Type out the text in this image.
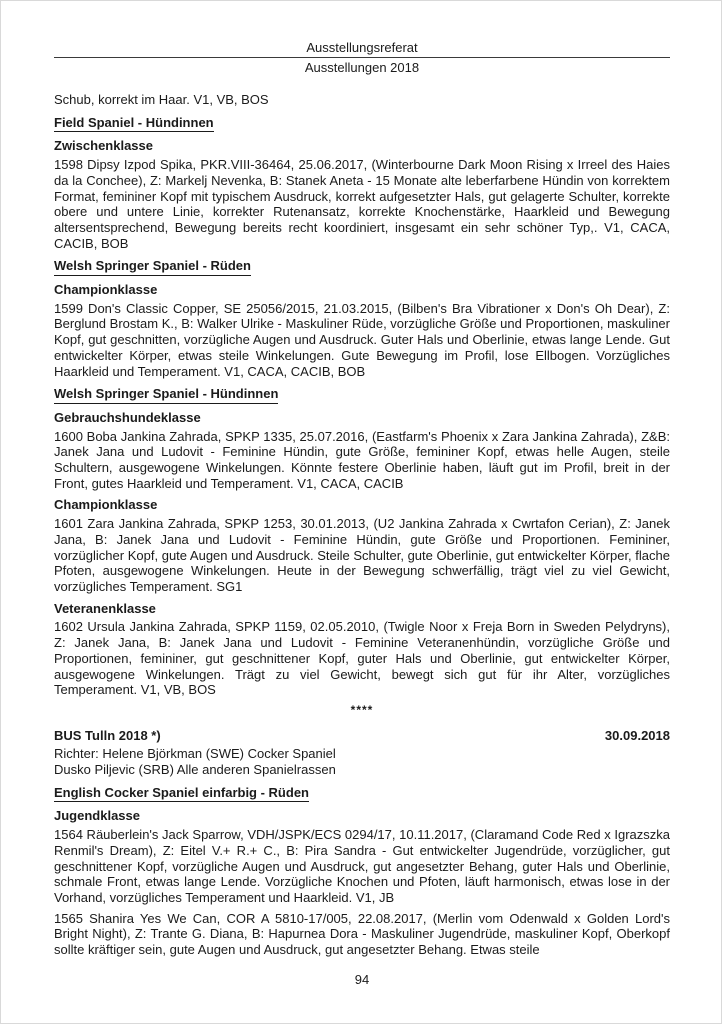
Ausstellungsreferat
Ausstellungen 2018

Schub, korrekt im Haar. V1, VB, BOS

Field Spaniel - Hündinnen
Zwischenklasse

1598 Dipsy Izpod Spika, PKR.VIII-36464, 25.06.2017, (Winterbourne Dark Moon Rising x Irreel des Haies da la Conchee), Z: Markelj Nevenka, B: Stanek Aneta - 15 Monate alte leberfarbene Hündin von korrektem Format, femininer Kopf mit typischem Ausdruck, korrekt aufgesetzter Hals, gut gelagerte Schulter, korrekte obere und untere Linie, korrekter Rutenansatz, korrekte Knochenstärke, Haarkleid und Bewegung altersentsprechend, Bewegung bereits recht koordiniert, insgesamt ein sehr schöner Typ,. V1, CACA, CACIB, BOB

Welsh Springer Spaniel - Rüden
Championklasse

1599 Don's Classic Copper, SE 25056/2015, 21.03.2015, (Bilben's Bra Vibrationer x Don's Oh Dear), Z: Berglund Brostam K., B: Walker Ulrike - Maskuliner Rüde, vorzügliche Größe und Proportionen, maskuliner Kopf, gut geschnitten, vorzügliche Augen und Ausdruck. Guter Hals und Oberlinie, etwas lange Lende. Gut entwickelter Körper, etwas steile Winkelungen. Gute Bewegung im Profil, lose Ellbogen. Vorzügliches Haarkleid und Temperament. V1, CACA, CACIB, BOB

Welsh Springer Spaniel - Hündinnen
Gebrauchshundeklasse

1600 Boba Jankina Zahrada, SPKP 1335, 25.07.2016, (Eastfarm's Phoenix x Zara Jankina Zahrada), Z&B: Janek Jana und Ludovit - Feminine Hündin, gute Größe, femininer Kopf, etwas helle Augen, steile Schultern, ausgewogene Winkelungen. Könnte festere Oberlinie haben, läuft gut im Profil, breit in der Front, gutes Haarkleid und Temperament. V1, CACA, CACIB

Championklasse

1601 Zara Jankina Zahrada, SPKP 1253, 30.01.2013, (U2 Jankina Zahrada x Cwrtafon Cerian), Z: Janek Jana, B: Janek Jana und Ludovit - Feminine Hündin, gute Größe und Proportionen. Femininer, vorzüglicher Kopf, gute Augen und Ausdruck. Steile Schulter, gute Oberlinie, gut entwickelter Körper, flache Pfoten, ausgewogene Winkelungen. Heute in der Bewegung schwerfällig, trägt viel zu viel Gewicht, vorzügliches Temperament. SG1

Veteranenklasse

1602 Ursula Jankina Zahrada, SPKP 1159, 02.05.2010, (Twigle Noor x Freja Born in Sweden Pelydryns), Z: Janek Jana, B: Janek Jana und Ludovit - Feminine Veteranenhündin, vorzügliche Größe und Proportionen, femininer, gut geschnittener Kopf, guter Hals und Oberlinie, gut entwickelter Körper, ausgewogene Winkelungen. Trägt zu viel Gewicht, bewegt sich gut für ihr Alter, vorzügliches Temperament. V1, VB, BOS

****
BUS Tulln 2018 *)	30.09.2018
Richter: Helene Björkman (SWE) Cocker Spaniel
Dusko Piljevic (SRB) Alle anderen Spanielrassen
English Cocker Spaniel einfarbig - Rüden
Jugendklasse

1564 Räuberlein's Jack Sparrow, VDH/JSPK/ECS 0294/17, 10.11.2017, (Claramand Code Red x Igrazszka Renmil's Dream), Z: Eitel V.+ R.+ C., B: Pira Sandra - Gut entwickelter Jugendrüde, vorzüglicher, gut geschnittener Kopf, vorzügliche Augen und Ausdruck, gut angesetzter Behang, guter Hals und Oberlinie, schmale Front, etwas lange Lende. Vorzügliche Knochen und Pfoten, läuft harmonisch, etwas lose in der Vorhand, vorzügliches Temperament und Haarkleid. V1, JB

1565 Shanira Yes We Can, COR A 5810-17/005, 22.08.2017, (Merlin vom Odenwald x Golden Lord's Bright Night), Z: Trante G. Diana, B: Hapurnea Dora - Maskuliner Jugendrüde, maskuliner Kopf, Oberkopf sollte kräftiger sein, gute Augen und Ausdruck, gut angesetzter Behang. Etwas steile

94
